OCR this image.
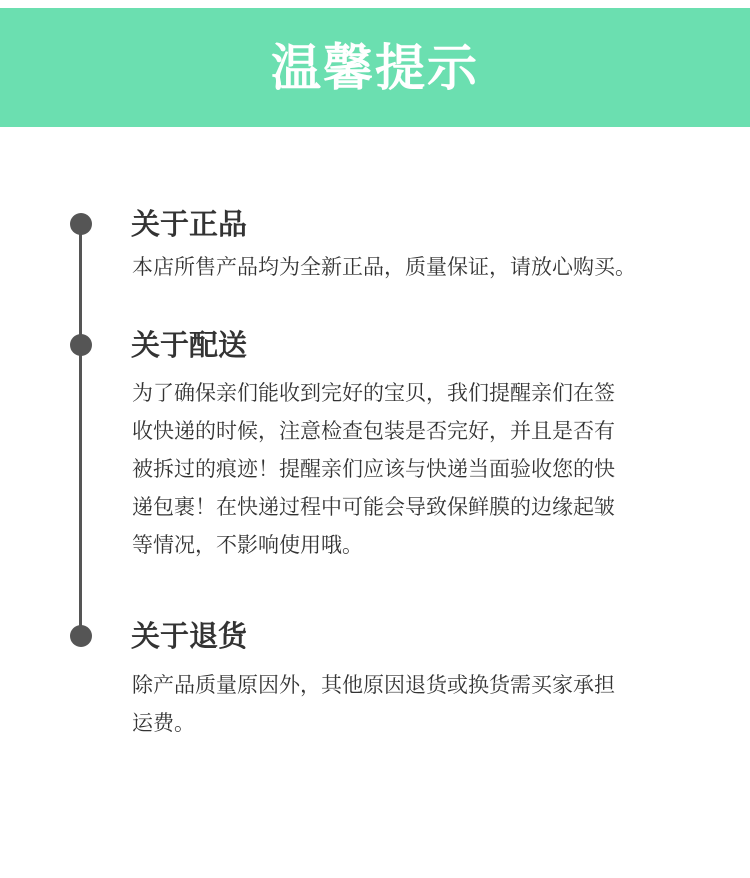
温馨提示
关于正品
本店所售产品均为全新正品，质量保证，请放心购买。
关于配送
为了确保亲们能收到完好的宝贝，我们提醒亲们在签
收快递的时候，注意检查包装是否完好，并且是否有
被拆过的痕迹！提醒亲们应该与快递当面验收您的快
递包裹！在快递过程中可能会导致保鲜膜的边缘起皱
等情况，不影响使用哦。
关于退货
除产品质量原因外，其他原因退货或换货需买家承担
运费。
